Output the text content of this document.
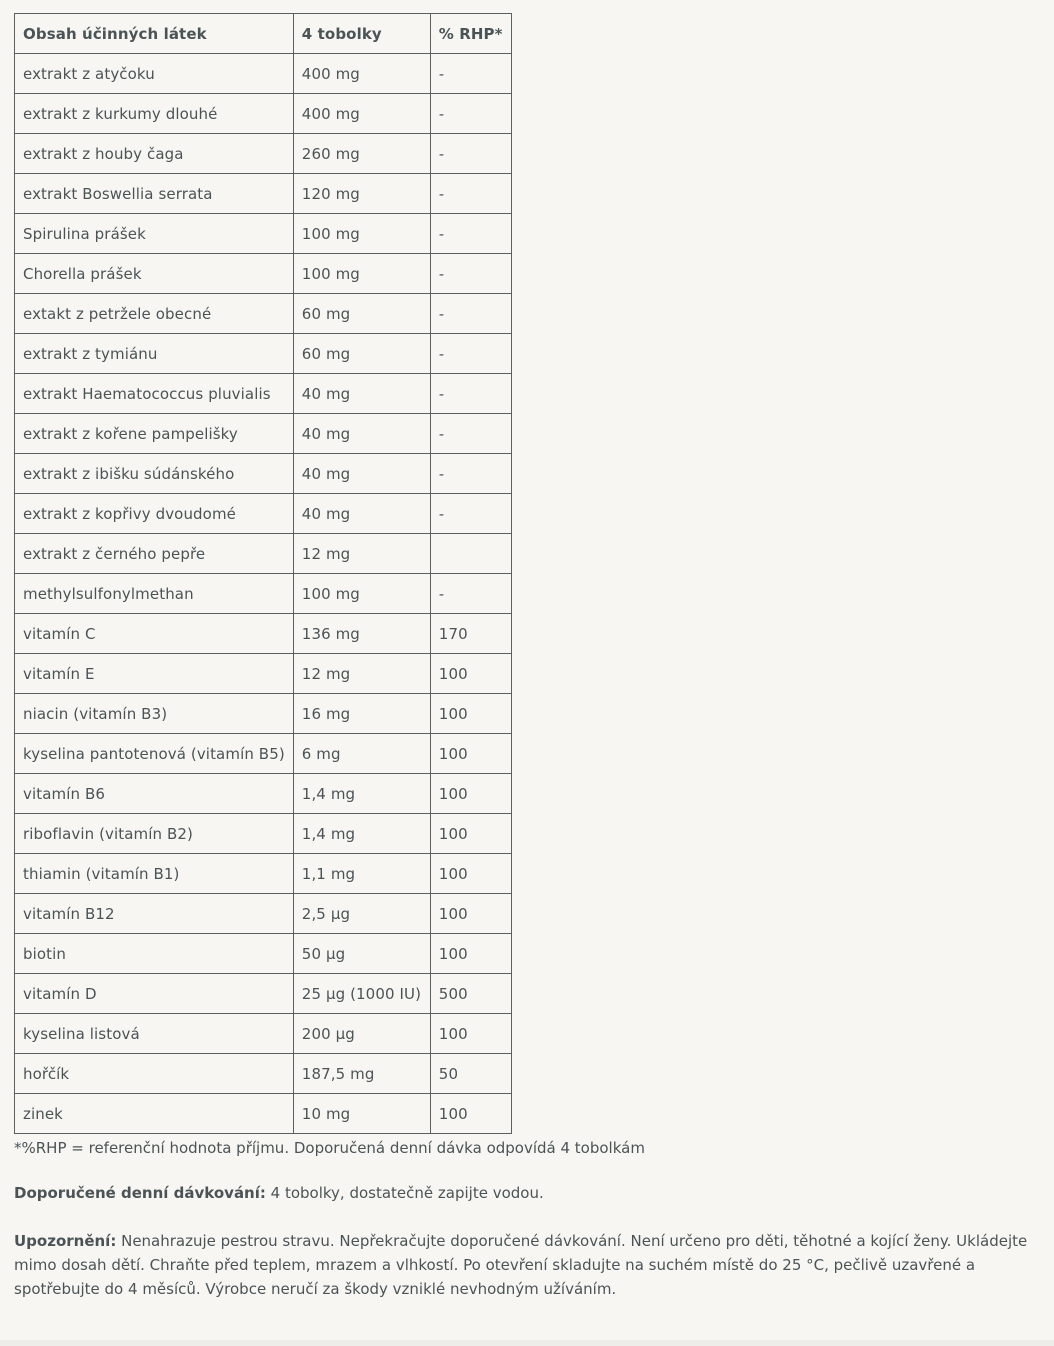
Obsah účinných látek	4 tobolky	% RHP*
extrakt z atyčoku	400 mg	-
extrakt z kurkumy dlouhé	400 mg	-
extrakt z houby čaga	260 mg	-
extrakt Boswellia serrata	120 mg	-
Spirulina prášek	100 mg	-
Chorella prášek	100 mg	-
extakt z petržele obecné	60 mg	-
extrakt z tymiánu	60 mg	-
extrakt Haematococcus pluvialis	40 mg	-
extrakt z kořene pampelišky	40 mg	-
extrakt z ibišku súdánského	40 mg	-
extrakt z kopřivy dvoudomé	40 mg	-
extrakt z černého pepře	12 mg	
methylsulfonylmethan	100 mg	-
vitamín C	136 mg	170
vitamín E	12 mg	100
niacin (vitamín B3)	16 mg	100
kyselina pantotenová (vitamín B5)	6 mg	100
vitamín B6	1,4 mg	100
riboflavin (vitamín B2)	1,4 mg	100
thiamin (vitamín B1)	1,1 mg	100
vitamín B12	2,5 µg	100
biotin	50 µg	100
vitamín D	25 µg (1000 IU)	500
kyselina listová	200 µg	100
hořčík	187,5 mg	50
zinek	10 mg	100
*%RHP = referenční hodnota příjmu. Doporučená denní dávka odpovídá 4 tobolkám
Doporučené denní dávkování: 4 tobolky, dostatečně zapijte vodou.
Upozornění: Nenahrazuje pestrou stravu. Nepřekračujte doporučené dávkování. Není určeno pro děti, těhotné a kojící ženy. Ukládejte mimo dosah dětí. Chraňte před teplem, mrazem a vlhkostí. Po otevření skladujte na suchém místě do 25 °C, pečlivě uzavřené a spotřebujte do 4 měsíců. Výrobce neručí za škody vzniklé nevhodným užíváním.
